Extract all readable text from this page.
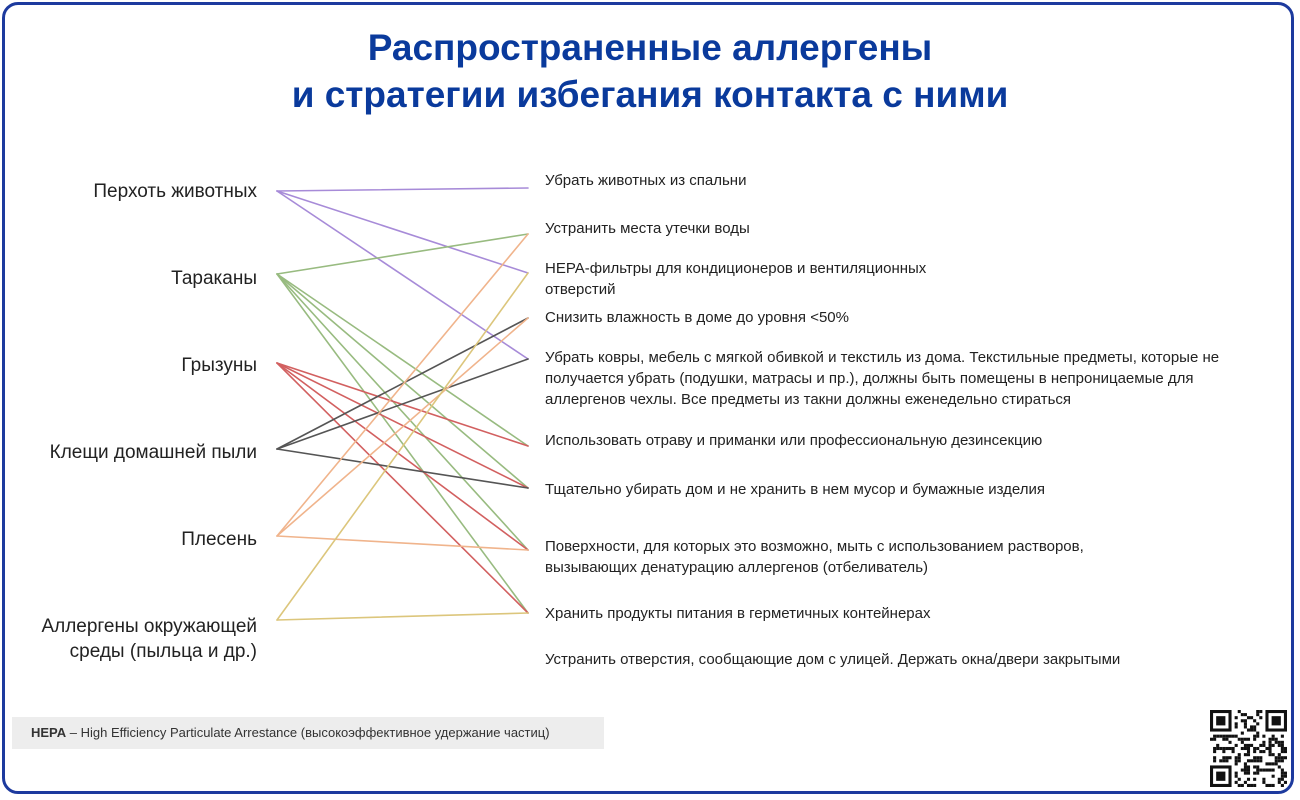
Распространенные аллергены
и стратегии избегания контакта с ними
Перхоть животных
Тараканы
Грызуны
Клещи домашней пыли
Плесень
Аллергены окружающей
среды (пыльца и др.)
Убрать животных из спальни
Устранить места утечки воды
HEPA-фильтры для кондиционеров и вентиляционных отверстий
Снизить влажность в доме до уровня <50%
Убрать ковры, мебель с мягкой обивкой и текстиль из дома. Текстильные предметы, которые не получается убрать (подушки, матрасы и пр.), должны быть помещены в непроницаемые для аллергенов чехлы. Все предметы из такни должны еженедельно стираться
Использовать отраву и приманки или профессиональную дезинсекцию
Тщательно убирать дом и не хранить в нем мусор и бумажные изделия
Поверхности, для которых это возможно, мыть с использованием растворов, вызывающих денатурацию аллергенов (отбеливатель)
Хранить продукты питания в герметичных контейнерах
Устранить отверстия, сообщающие дом с улицей. Держать окна/двери закрытыми
HEPA – High Efficiency Particulate Arrestance (высокоэффективное удержание частиц)
